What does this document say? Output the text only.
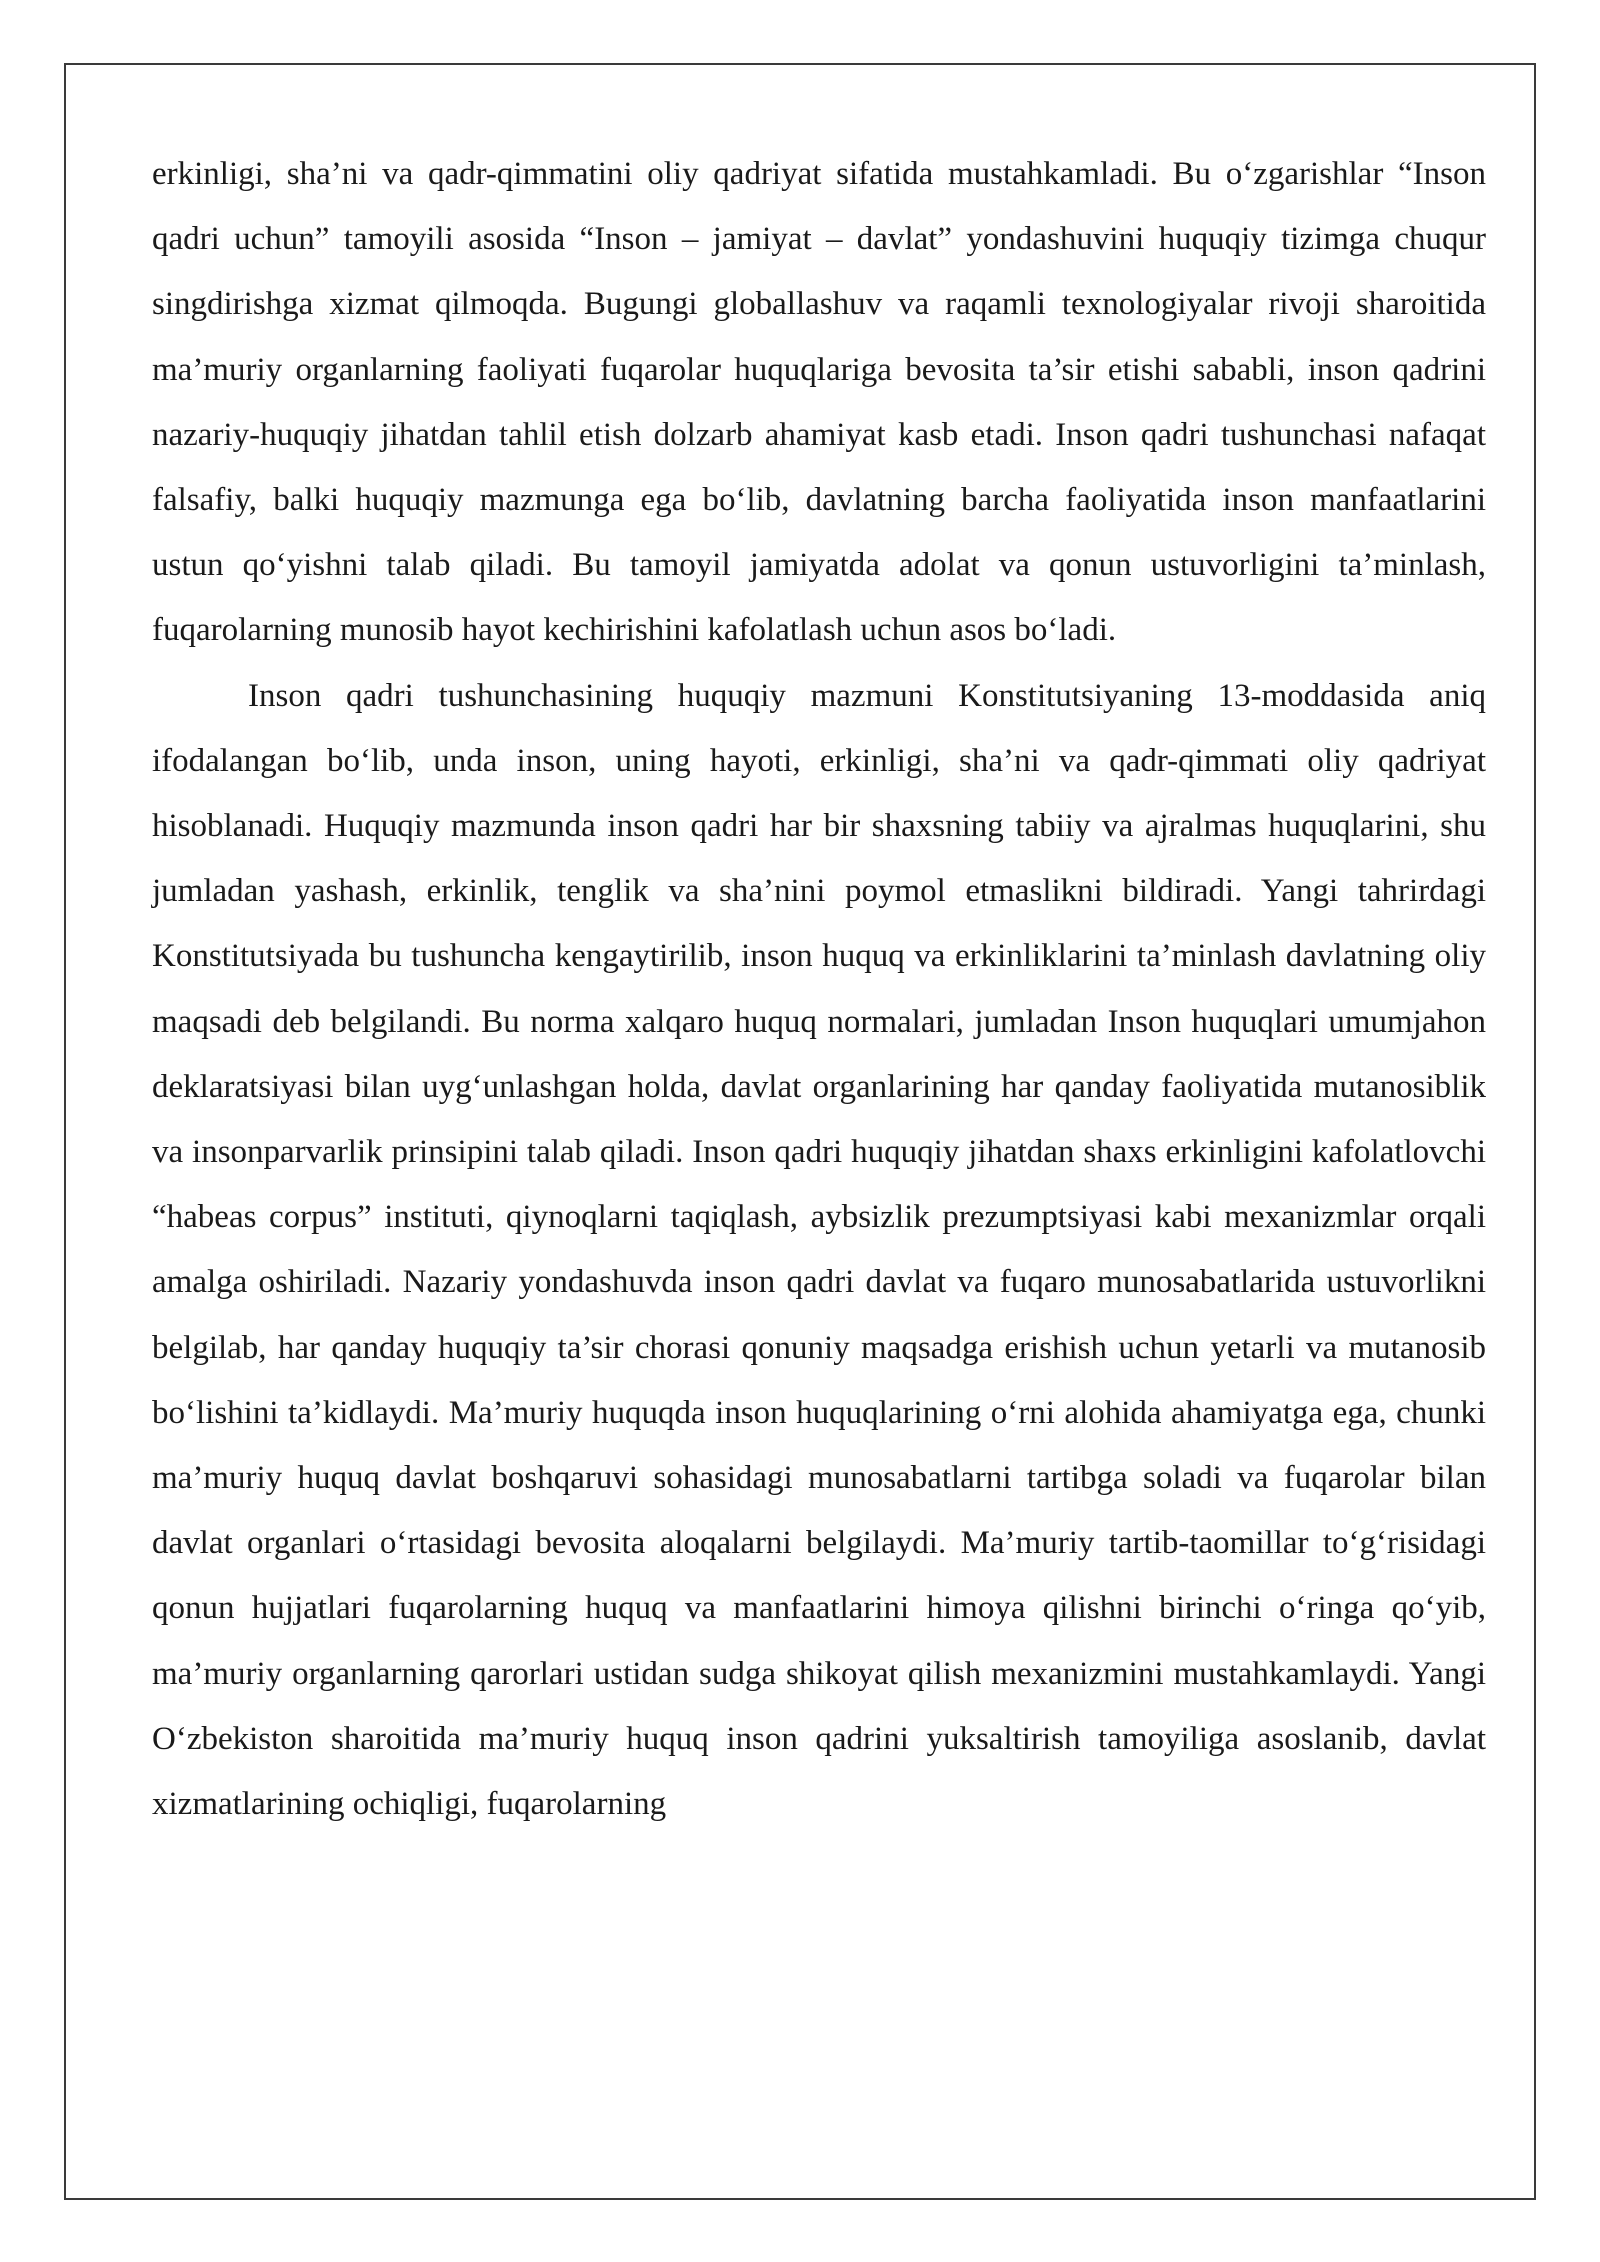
erkinligi, sha’ni va qadr-qimmatini oliy qadriyat sifatida mustahkamladi. Bu o‘zgarishlar “Inson qadri uchun” tamoyili asosida “Inson – jamiyat – davlat” yondashuvini huquqiy tizimga chuqur singdirishga xizmat qilmoqda. Bugungi globallashuv va raqamli texnologiyalar rivoji sharoitida ma’muriy organlarning faoliyati fuqarolar huquqlariga bevosita ta’sir etishi sababli, inson qadrini nazariy-huquqiy jihatdan tahlil etish dolzarb ahamiyat kasb etadi. Inson qadri tushunchasi nafaqat falsafiy, balki huquqiy mazmunga ega bo‘lib, davlatning barcha faoliyatida inson manfaatlarini ustun qo‘yishni talab qiladi. Bu tamoyil jamiyatda adolat va qonun ustuvorligini ta’minlash, fuqarolarning munosib hayot kechirishini kafolatlash uchun asos bo‘ladi.

Inson qadri tushunchasining huquqiy mazmuni Konstitutsiyaning 13-moddasida aniq ifodalangan bo‘lib, unda inson, uning hayoti, erkinligi, sha’ni va qadr-qimmati oliy qadriyat hisoblanadi. Huquqiy mazmunda inson qadri har bir shaxsning tabiiy va ajralmas huquqlarini, shu jumladan yashash, erkinlik, tenglik va sha’nini poymol etmaslikni bildiradi. Yangi tahrirdagi Konstitutsiyada bu tushuncha kengaytirilib, inson huquq va erkinliklarini ta’minlash davlatning oliy maqsadi deb belgilandi. Bu norma xalqaro huquq normalari, jumladan Inson huquqlari umumjahon deklaratsiyasi bilan uyg‘unlashgan holda, davlat organlarining har qanday faoliyatida mutanosiblik va insonparvarlik prinsipini talab qiladi. Inson qadri huquqiy jihatdan shaxs erkinligini kafolatlovchi “habeas corpus” instituti, qiynoqlarni taqiqlash, aybsizlik prezumptsiyasi kabi mexanizmlar orqali amalga oshiriladi. Nazariy yondashuvda inson qadri davlat va fuqaro munosabatlarida ustuvorlikni belgilab, har qanday huquqiy ta’sir chorasi qonuniy maqsadga erishish uchun yetarli va mutanosib bo‘lishini ta’kidlaydi. Ma’muriy huquqda inson huquqlarining o‘rni alohida ahamiyatga ega, chunki ma’muriy huquq davlat boshqaruvi sohasidagi munosabatlarni tartibga soladi va fuqarolar bilan davlat organlari o‘rtasidagi bevosita aloqalarni belgilaydi. Ma’muriy tartib-taomillar to‘g‘risidagi qonun hujjatlari fuqarolarning huquq va manfaatlarini himoya qilishni birinchi o‘ringa qo‘yib, ma’muriy organlarning qarorlari ustidan sudga shikoyat qilish mexanizmini mustahkamlaydi. Yangi O‘zbekiston sharoitida ma’muriy huquq inson qadrini yuksaltirish tamoyiliga asoslanib, davlat xizmatlarining ochiqligi, fuqarolarning
